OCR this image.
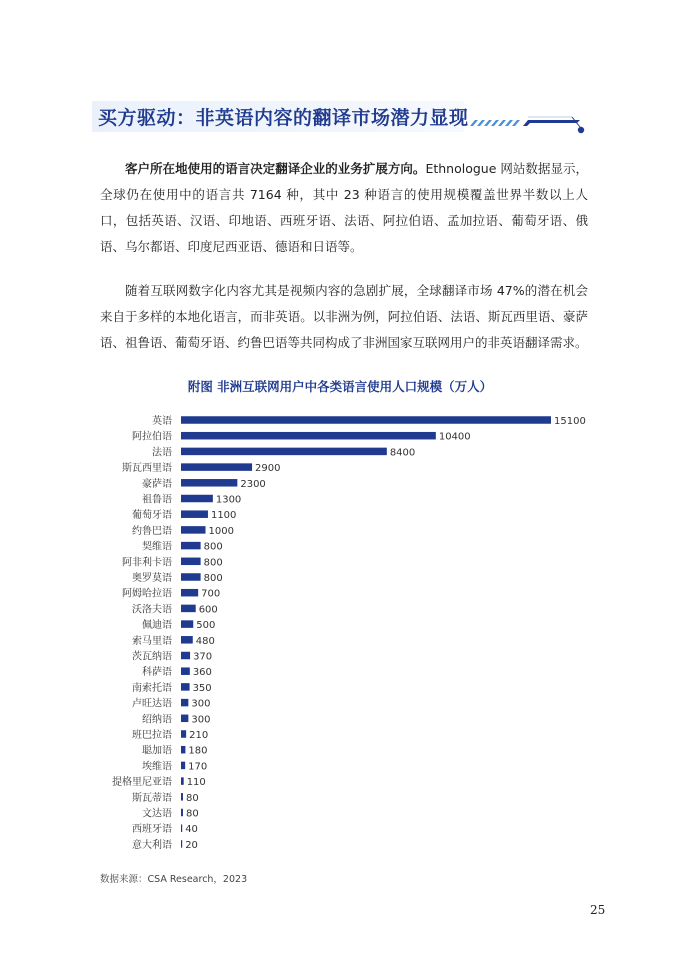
买方驱动：非英语内容的翻译市场潜力显现
客户所在地使用的语言决定翻译企业的业务扩展方向。Ethnologue 网站数据显示，全球仍在使用中的语言共 7164 种，其中 23 种语言的使用规模覆盖世界半数以上人口，包括英语、汉语、印地语、西班牙语、法语、阿拉伯语、孟加拉语、葡萄牙语、俄语、乌尔都语、印度尼西亚语、德语和日语等。
随着互联网数字化内容尤其是视频内容的急剧扩展，全球翻译市场 47%的潜在机会来自于多样的本地化语言，而非英语。以非洲为例，阿拉伯语、法语、斯瓦西里语、豪萨语、祖鲁语、葡萄牙语、约鲁巴语等共同构成了非洲国家互联网用户的非英语翻译需求。
附图 非洲互联网用户中各类语言使用人口规模（万人）
英语	15100
阿拉伯语	10400
法语	8400
斯瓦西里语	2900
豪萨语	2300
祖鲁语	1300
葡萄牙语	1100
约鲁巴语	1000
契维语	800
阿非利卡语	800
奥罗莫语	800
阿姆哈拉语	700
沃洛夫语	600
佩迪语 500
索马里语 480
茨瓦纳语 370
科萨语 360
南索托语 350
卢旺达语 300
绍纳语 300
班巴拉语 210
聪加语 180
埃维语 170
提格里尼亚语 110
斯瓦蒂语 80
文达语 80
西班牙语 40
意大利语 20
数据来源：CSA Research，2023
25
